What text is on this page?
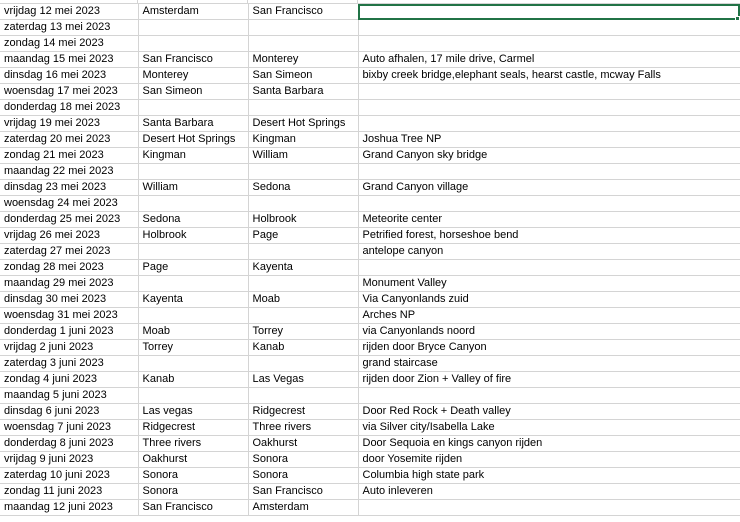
vrijdag 12 mei 2023	Amsterdam	San Francisco	
zaterdag 13 mei 2023			
zondag 14 mei 2023			
maandag 15 mei 2023	San Francisco	Monterey	Auto afhalen, 17 mile drive, Carmel
dinsdag 16 mei 2023	Monterey	San Simeon	bixby creek bridge,elephant seals, hearst castle, mcway Falls
woensdag 17 mei 2023	San Simeon	Santa Barbara	
donderdag 18 mei 2023			
vrijdag 19 mei 2023	Santa Barbara	Desert Hot Springs	
zaterdag 20 mei 2023	Desert Hot Springs	Kingman	Joshua Tree NP
zondag 21 mei 2023	Kingman	William	Grand Canyon sky bridge
maandag 22 mei 2023			
dinsdag 23 mei 2023	William	Sedona	Grand Canyon village
woensdag 24 mei 2023			
donderdag 25 mei 2023	Sedona	Holbrook	Meteorite center
vrijdag 26 mei 2023	Holbrook	Page	Petrified forest, horseshoe bend
zaterdag 27 mei 2023			antelope canyon
zondag 28 mei 2023	Page	Kayenta	
maandag 29 mei 2023			Monument Valley
dinsdag 30 mei 2023	Kayenta	Moab	Via Canyonlands zuid
woensdag 31 mei 2023			Arches NP
donderdag 1 juni 2023	Moab	Torrey	via Canyonlands noord
vrijdag 2 juni 2023	Torrey	Kanab	rijden door Bryce Canyon
zaterdag 3 juni 2023			grand staircase
zondag 4 juni 2023	Kanab	Las Vegas	rijden door Zion + Valley of fire
maandag 5 juni 2023			
dinsdag 6 juni 2023	Las vegas	Ridgecrest	Door Red Rock + Death valley
woensdag 7 juni 2023	Ridgecrest	Three rivers	via Silver city/Isabella Lake
donderdag 8 juni 2023	Three rivers	Oakhurst	Door Sequoia en kings canyon rijden
vrijdag 9 juni 2023	Oakhurst	Sonora	door Yosemite rijden
zaterdag 10 juni 2023	Sonora	Sonora	Columbia high state park
zondag 11 juni 2023	Sonora	San Francisco	Auto inleveren
maandag 12 juni 2023	San Francisco	Amsterdam	
